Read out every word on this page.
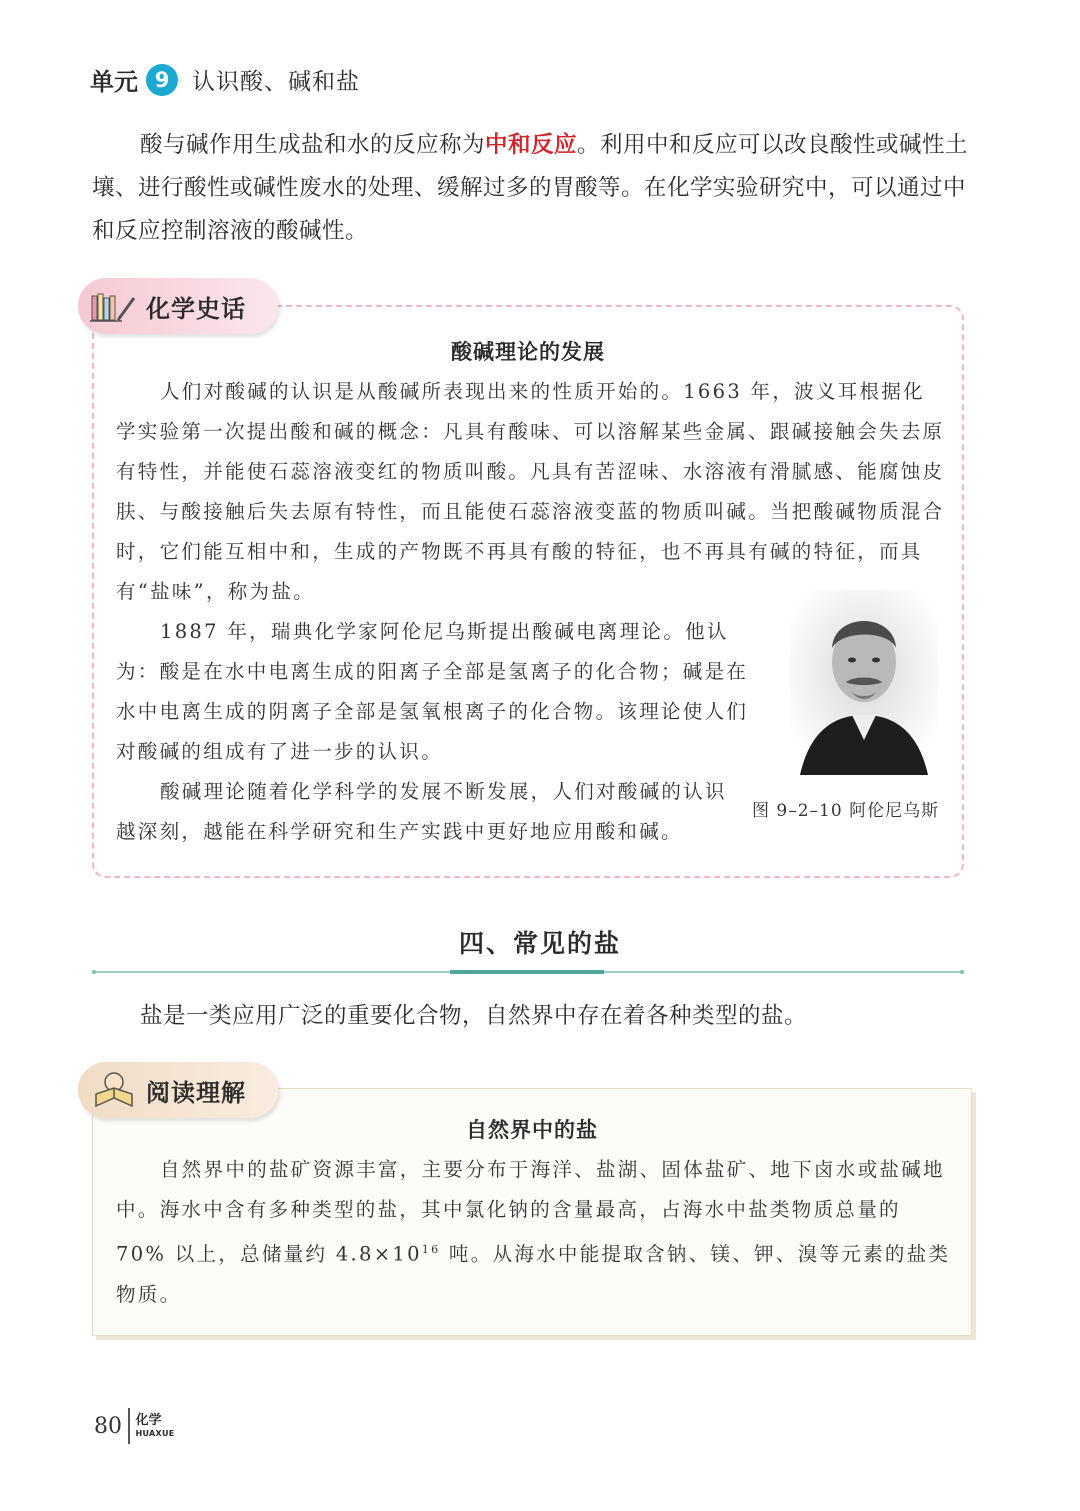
单元 9 认识酸、碱和盐

酸与碱作用生成盐和水的反应称为中和反应。利用中和反应可以改良酸性或碱性土壤、进行酸性或碱性废水的处理、缓解过多的胃酸等。在化学实验研究中，可以通过中和反应控制溶液的酸碱性。

化学史话
酸碱理论的发展

人们对酸碱的认识是从酸碱所表现出来的性质开始的。1663 年，波义耳根据化学实验第一次提出酸和碱的概念：凡具有酸味、可以溶解某些金属、跟碱接触会失去原有特性，并能使石蕊溶液变红的物质叫酸。凡具有苦涩味、水溶液有滑腻感、能腐蚀皮肤、与酸接触后失去原有特性，而且能使石蕊溶液变蓝的物质叫碱。当把酸碱物质混合时，它们能互相中和，生成的产物既不再具有酸的特征，也不再具有碱的特征，而具有“盐味”，称为盐。

1887 年，瑞典化学家阿伦尼乌斯提出酸碱电离理论。他认为：酸是在水中电离生成的阳离子全部是氢离子的化合物；碱是在水中电离生成的阴离子全部是氢氧根离子的化合物。该理论使人们对酸碱的组成有了进一步的认识。

酸碱理论随着化学科学的发展不断发展，人们对酸碱的认识越深刻，越能在科学研究和生产实践中更好地应用酸和碱。

图 9–2–10 阿伦尼乌斯
四、常见的盐
盐是一类应用广泛的重要化合物，自然界中存在着各种类型的盐。
阅读理解
自然界中的盐

自然界中的盐矿资源丰富，主要分布于海洋、盐湖、固体盐矿、地下卤水或盐碱地中。海水中含有多种类型的盐，其中氯化钠的含量最高，占海水中盐类物质总量的 70% 以上，总储量约 $4.8\times 10^{16}$ 吨。从海水中能提取含钠、镁、钾、溴等元素的盐类物质。

80 化学
HUAXUE
